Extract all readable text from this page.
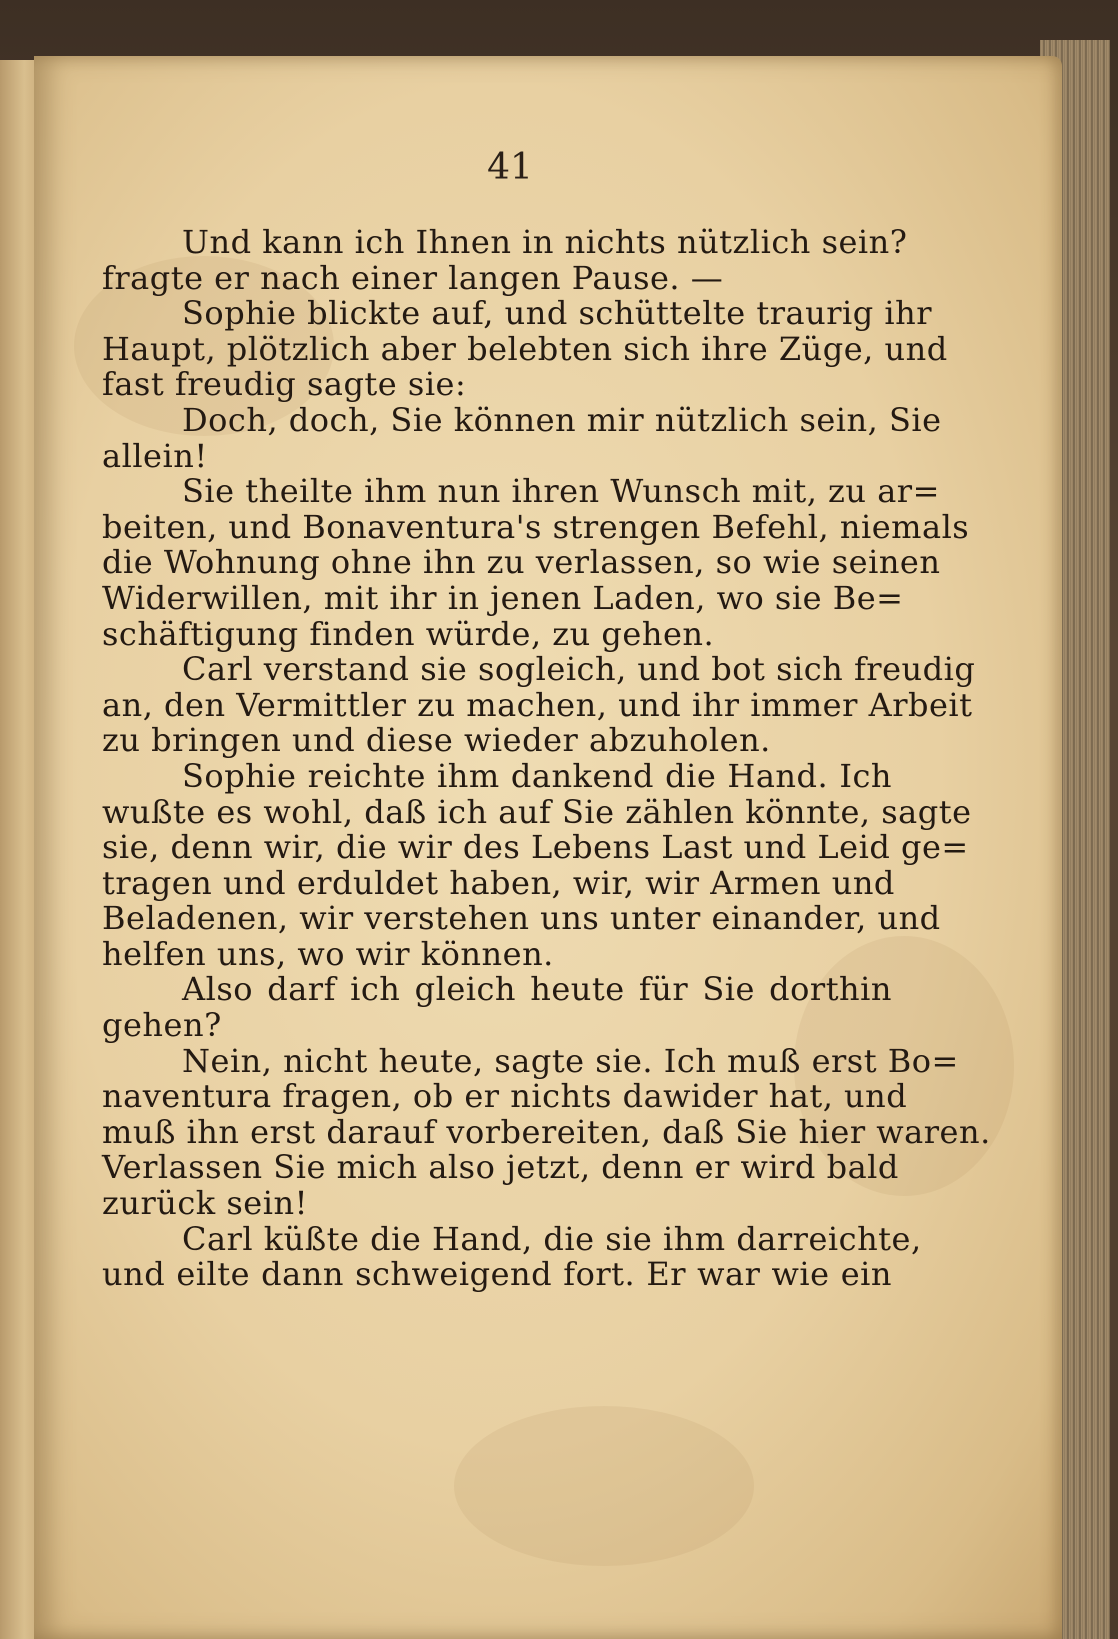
41
Und kann ich Ihnen in nichts nützlich sein?
fragte er nach einer langen Pause. —
Sophie blickte auf, und schüttelte traurig ihr
Haupt, plötzlich aber belebten sich ihre Züge, und
fast freudig sagte sie:
Doch, doch, Sie können mir nützlich sein, Sie
allein!
Sie theilte ihm nun ihren Wunsch mit, zu ar=
beiten, und Bonaventura's strengen Befehl, niemals
die Wohnung ohne ihn zu verlassen, so wie seinen
Widerwillen, mit ihr in jenen Laden, wo sie Be=
schäftigung finden würde, zu gehen.
Carl verstand sie sogleich, und bot sich freudig
an, den Vermittler zu machen, und ihr immer Arbeit
zu bringen und diese wieder abzuholen.
Sophie reichte ihm dankend die Hand. Ich
wußte es wohl, daß ich auf Sie zählen könnte, sagte
sie, denn wir, die wir des Lebens Last und Leid ge=
tragen und erduldet haben, wir, wir Armen und
Beladenen, wir verstehen uns unter einander, und
helfen uns, wo wir können.
Also darf ich gleich heute für Sie dorthin
gehen?
Nein, nicht heute, sagte sie. Ich muß erst Bo=
naventura fragen, ob er nichts dawider hat, und
muß ihn erst darauf vorbereiten, daß Sie hier waren.
Verlassen Sie mich also jetzt, denn er wird bald
zurück sein!
Carl küßte die Hand, die sie ihm darreichte,
und eilte dann schweigend fort. Er war wie ein
